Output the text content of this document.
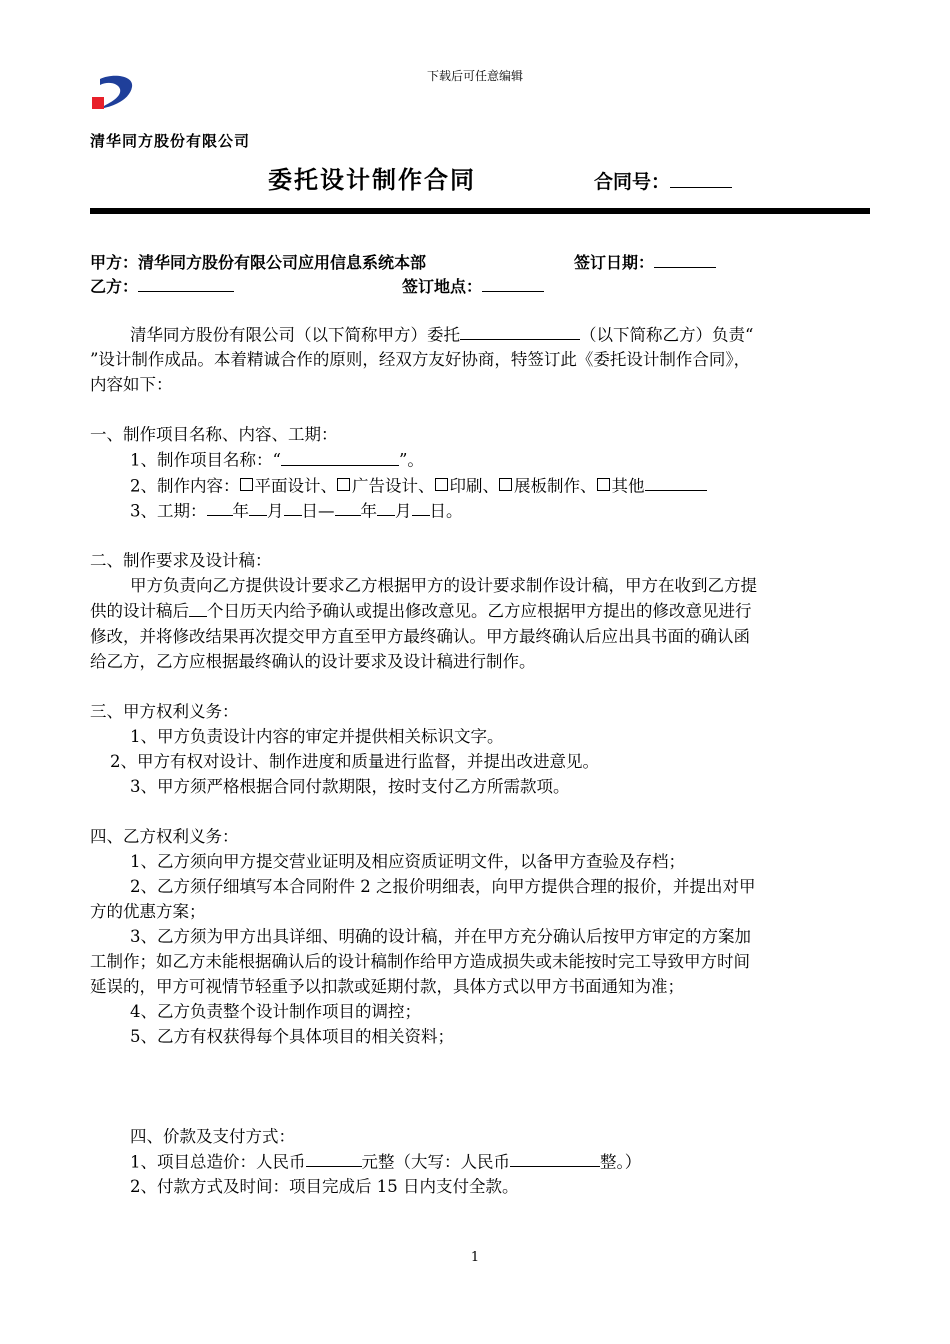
下载后可任意编辑
清华同方股份有限公司
委托设计制作合同	合同号：
甲方：清华同方股份有限公司应用信息系统本部	签订日期：
乙方：	签订地点：

清华同方股份有限公司（以下简称甲方）委托	（以下简称乙方）负责“

”设计制作成品。本着精诚合作的原则，经双方友好协商，特签订此《委托设计制作合同》，

内容如下：

一、制作项目名称、内容、工期：

1、制作项目名称：“	”。

2、制作内容： 平面设计、 广告设计、 印刷、 展板制作、 其他

3、工期： 年 月 日— 年 月 日。

二、制作要求及设计稿：

甲方负责向乙方提供设计要求乙方根据甲方的设计要求制作设计稿，甲方在收到乙方提

供的设计稿后 个日历天内给予确认或提出修改意见。乙方应根据甲方提出的修改意见进行

修改，并将修改结果再次提交甲方直至甲方最终确认。甲方最终确认后应出具书面的确认函

给乙方，乙方应根据最终确认的设计要求及设计稿进行制作。

三、甲方权利义务：

1、甲方负责设计内容的审定并提供相关标识文字。

2、甲方有权对设计、制作进度和质量进行监督，并提出改进意见。

3、甲方须严格根据合同付款期限，按时支付乙方所需款项。

四、乙方权利义务：

1、乙方须向甲方提交营业证明及相应资质证明文件，以备甲方查验及存档；

2、乙方须仔细填写本合同附件 2 之报价明细表，向甲方提供合理的报价，并提出对甲

方的优惠方案；

3、乙方须为甲方出具详细、明确的设计稿，并在甲方充分确认后按甲方审定的方案加

工制作；如乙方未能根据确认后的设计稿制作给甲方造成损失或未能按时完工导致甲方时间

延误的，甲方可视情节轻重予以扣款或延期付款，具体方式以甲方书面通知为准；

4、乙方负责整个设计制作项目的调控；

5、乙方有权获得每个具体项目的相关资料；

四、价款及支付方式：

1、项目总造价：人民币	元整（大写：人民币	整。）

2、付款方式及时间：项目完成后 15 日内支付全款。

1
